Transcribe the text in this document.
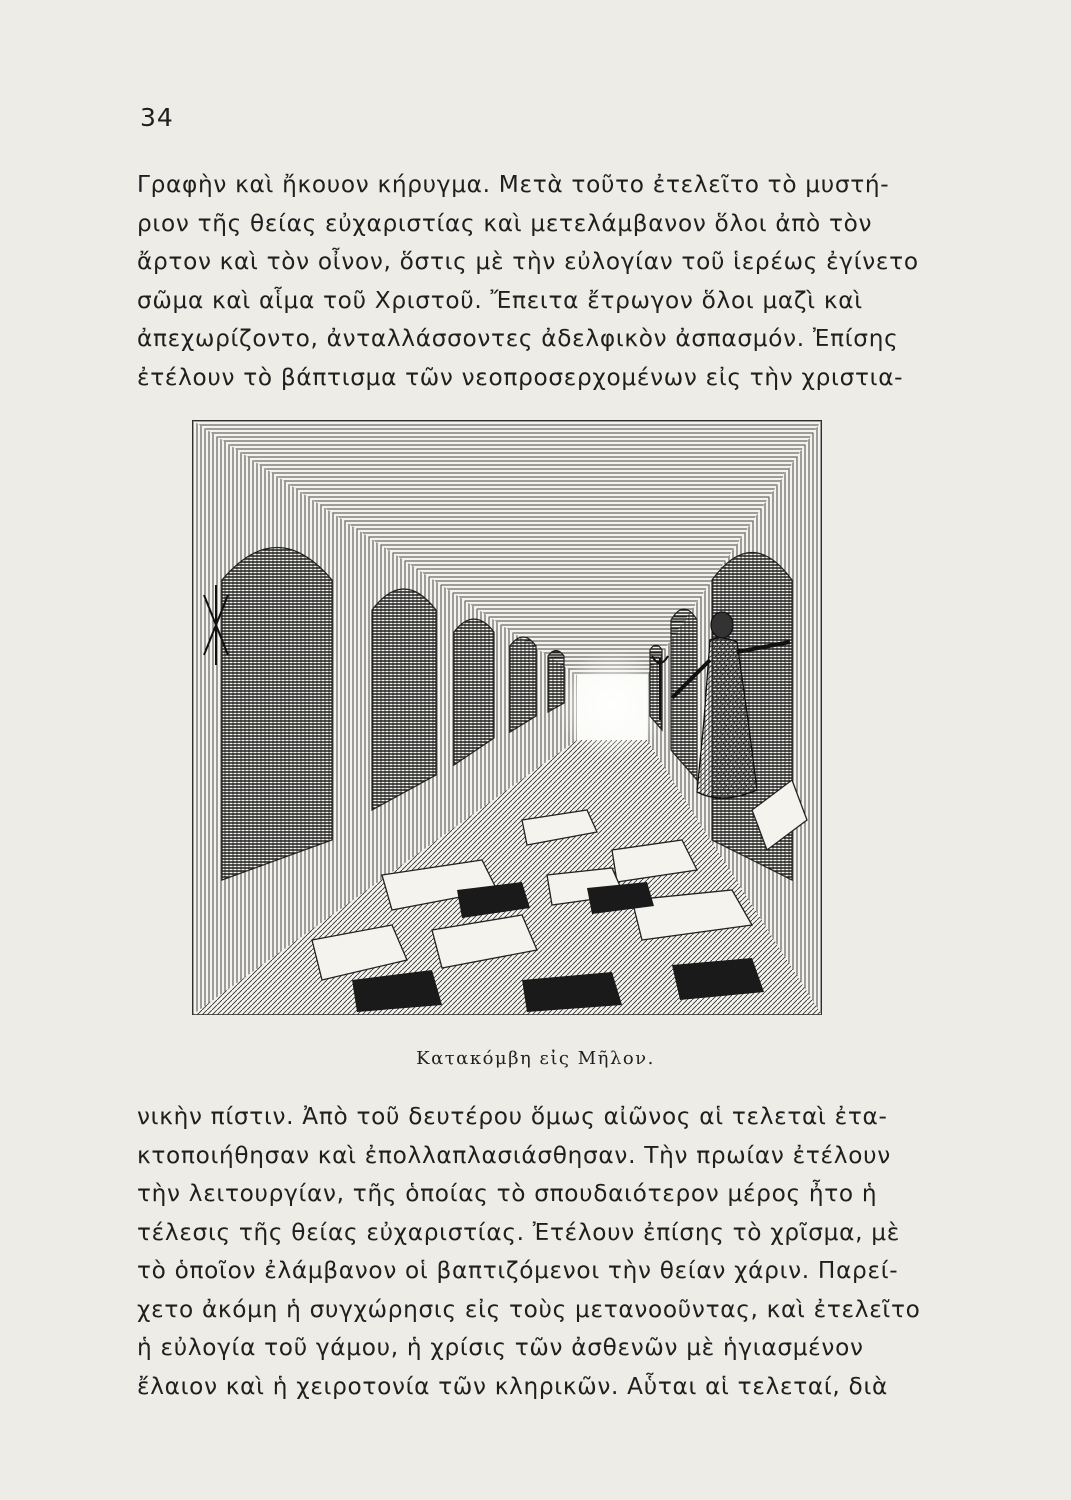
34
Γραφὴν καὶ ἤκουον κήρυγμα. Μετὰ τοῦτο ἐτελεῖτο τὸ μυστή-
ριον τῆς θείας εὐχαριστίας καὶ μετελάμβανον ὅλοι ἀπὸ τὸν
ἄρτον καὶ τὸν οἶνον, ὅστις μὲ τὴν εὐλογίαν τοῦ ἱερέως ἐγίνετο
σῶμα καὶ αἷμα τοῦ Χριστοῦ. Ἔπειτα ἔτρωγον ὅλοι μαζὶ καὶ
ἀπεχωρίζοντο, ἀνταλλάσσοντες ἀδελφικὸν ἀσπασμόν. Ἐπίσης
ἐτέλουν τὸ βάπτισμα τῶν νεοπροσερχομένων εἰς τὴν χριστια-
Κατακόμβη εἰς Μῆλον.
νικὴν πίστιν. Ἀπὸ τοῦ δευτέρου ὅμως αἰῶνος αἱ τελεταὶ ἐτα-
κτοποιήθησαν καὶ ἐπολλαπλασιάσθησαν. Τὴν πρωίαν ἐτέλουν
τὴν λειτουργίαν, τῆς ὁποίας τὸ σπουδαιότερον μέρος ἦτο ἡ
τέλεσις τῆς θείας εὐχαριστίας. Ἐτέλουν ἐπίσης τὸ χρῖσμα, μὲ
τὸ ὁποῖον ἐλάμβανον οἱ βαπτιζόμενοι τὴν θείαν χάριν. Παρεί-
χετο ἀκόμη ἡ συγχώρησις εἰς τοὺς μετανοοῦντας, καὶ ἐτελεῖτο
ἡ εὐλογία τοῦ γάμου, ἡ χρίσις τῶν ἀσθενῶν μὲ ἡγιασμένον
ἔλαιον καὶ ἡ χειροτονία τῶν κληρικῶν. Αὗται αἱ τελεταί, διὰ
